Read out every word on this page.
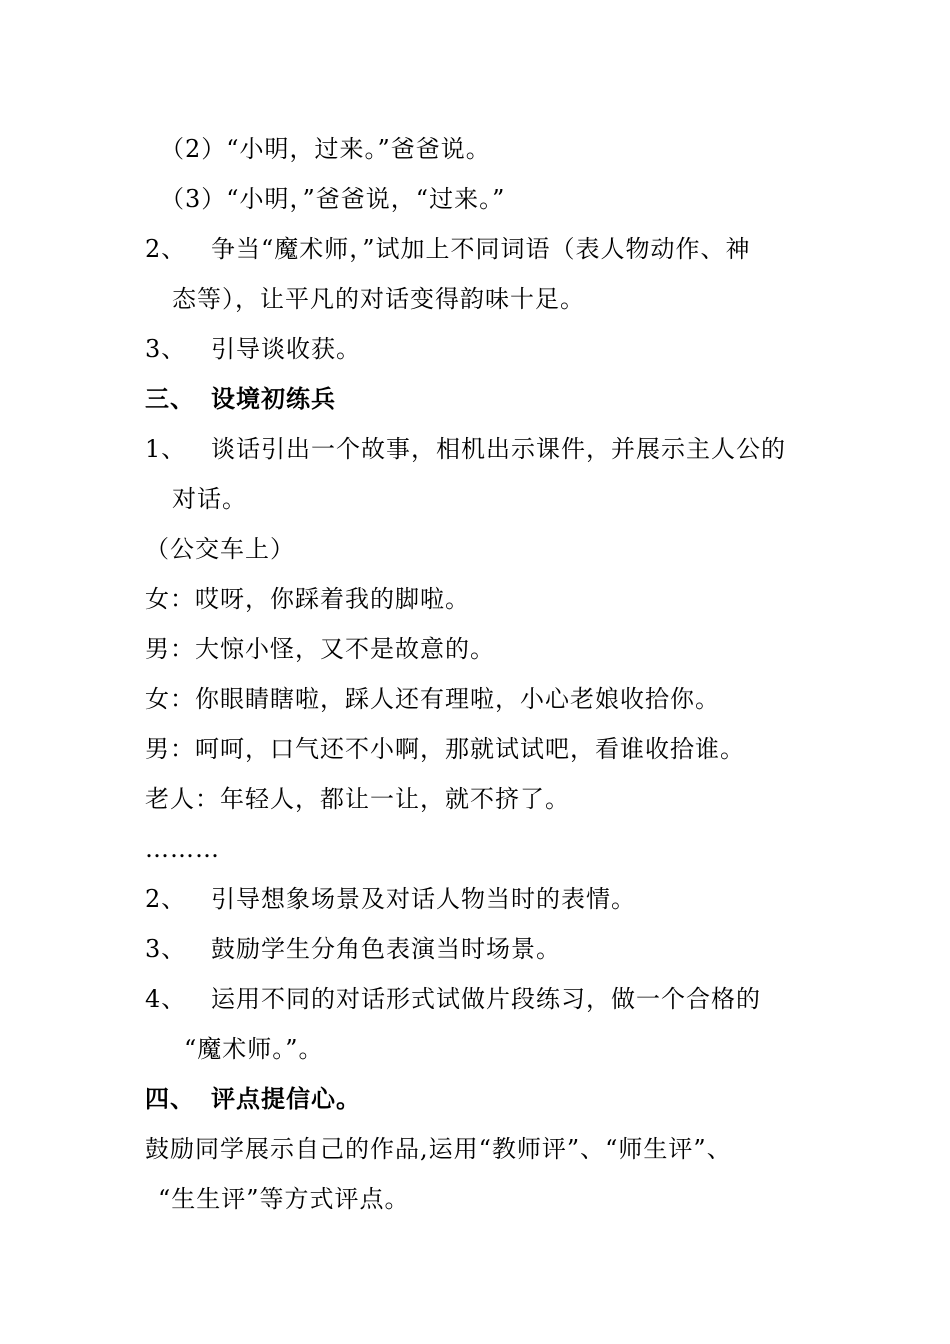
（2）“小明，过来。”爸爸说。
（3）“小明，”爸爸说，“过来。”
2、 争当“魔术师，”试加上不同词语（表人物动作、神
态等），让平凡的对话变得韵味十足。
3、 引导谈收获。
三、 设境初练兵
1、 谈话引出一个故事，相机出示课件，并展示主人公的
对话。
（公交车上）
女：哎呀，你踩着我的脚啦。
男：大惊小怪，又不是故意的。
女：你眼睛瞎啦，踩人还有理啦，小心老娘收拾你。
男：呵呵，口气还不小啊，那就试试吧，看谁收拾谁。
老人：年轻人，都让一让，就不挤了。
………
2、 引导想象场景及对话人物当时的表情。
3、 鼓励学生分角色表演当时场景。
4、 运用不同的对话形式试做片段练习，做一个合格的
“魔术师。”。
四、 评点提信心。
鼓励同学展示自己的作品,运用“教师评”、“师生评”、
“生生评”等方式评点。
